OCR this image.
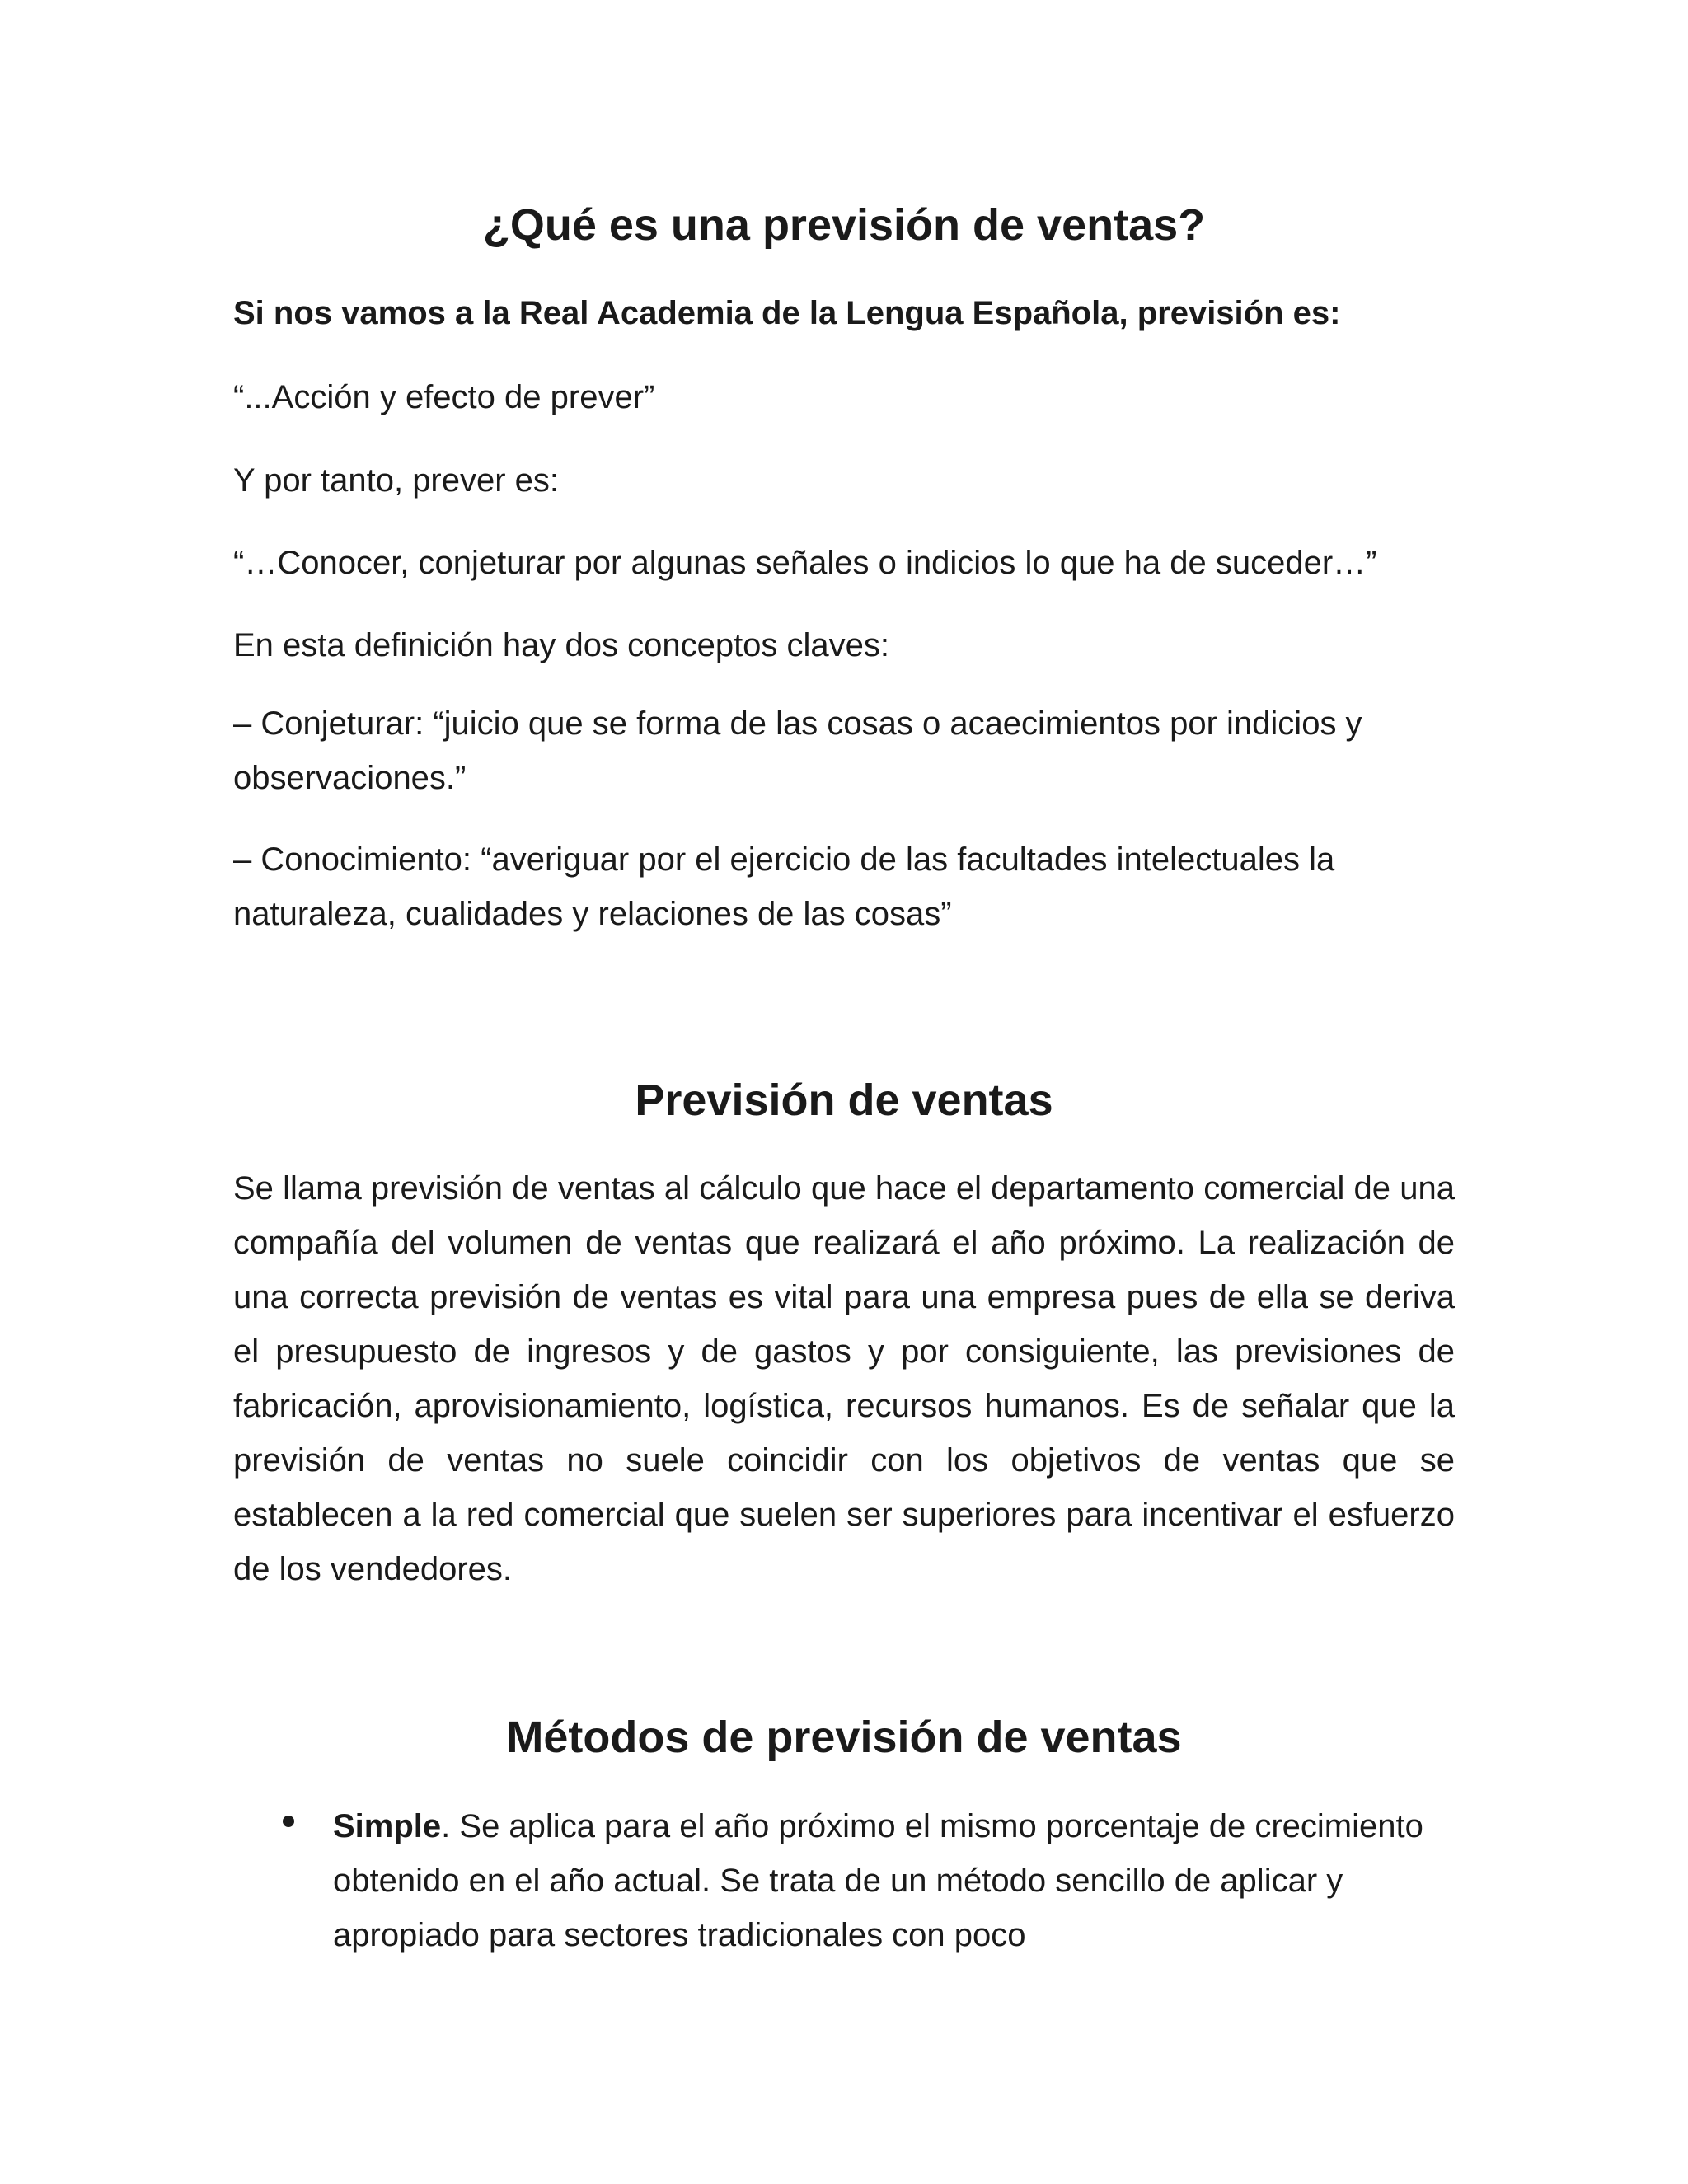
¿Qué es una previsión de ventas?

Si nos vamos a la Real Academia de la Lengua Española, previsión es:

“...Acción y efecto de prever”

Y por tanto, prever es:

“…Conocer, conjeturar por algunas señales o indicios lo que ha de suceder…”

En esta definición hay dos conceptos claves:

– Conjeturar: “juicio que se forma de las cosas o acaecimientos por indicios y observaciones.”

– Conocimiento: “averiguar por el ejercicio de las facultades intelectuales la naturaleza, cualidades y relaciones de las cosas”

Previsión de ventas

Se llama previsión de ventas al cálculo que hace el departamento comercial de una compañía del volumen de ventas que realizará el año próximo. La realización de una correcta previsión de ventas es vital para una empresa pues de ella se deriva el presupuesto de ingresos y de gastos y por consiguiente, las previsiones de fabricación, aprovisionamiento, logística, recursos humanos. Es de señalar que la previsión de ventas no suele coincidir con los objetivos de ventas que se establecen a la red comercial que suelen ser superiores para incentivar el esfuerzo de los vendedores.

Métodos de previsión de ventas

Simple. Se aplica para el año próximo el mismo porcentaje de crecimiento obtenido en el año actual. Se trata de un método sencillo de aplicar y apropiado para sectores tradicionales con poco
